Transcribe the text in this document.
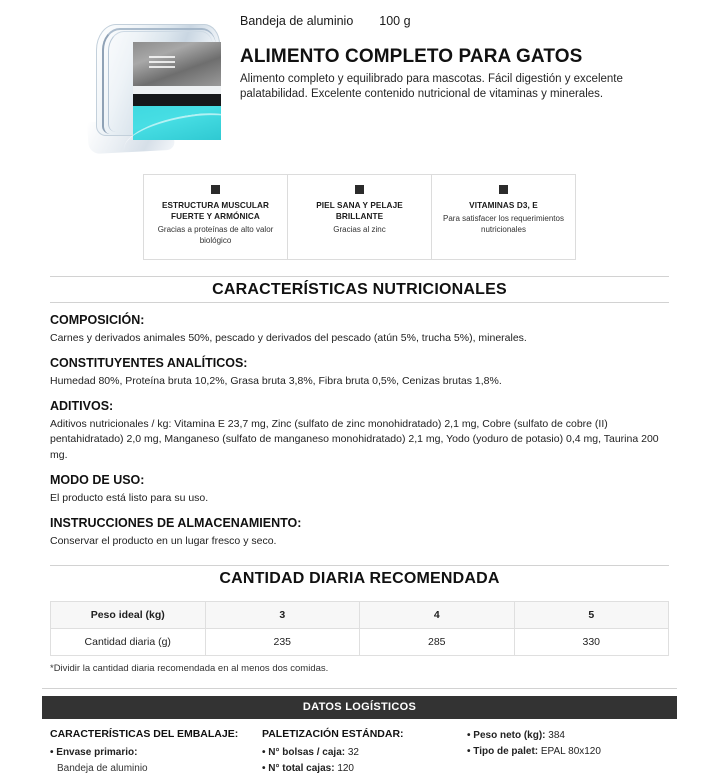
Bandeja de aluminio 100 g
ALIMENTO COMPLETO PARA GATOS
Alimento completo y equilibrado para mascotas. Fácil digestión y excelente palatabilidad. Excelente contenido nutricional de vitaminas y minerales.
ESTRUCTURA MUSCULAR FUERTE Y ARMÓNICA
Gracias a proteínas de alto valor biológico
PIEL SANA Y PELAJE BRILLANTE
Gracias al zinc
VITAMINAS D3, E
Para satisfacer los requerimientos nutricionales
CARACTERÍSTICAS NUTRICIONALES
COMPOSICIÓN:

Carnes y derivados animales 50%, pescado y derivados del pescado (atún 5%, trucha 5%), minerales.

CONSTITUYENTES ANALÍTICOS:

Humedad 80%, Proteína bruta 10,2%, Grasa bruta 3,8%, Fibra bruta 0,5%, Cenizas brutas 1,8%.

ADITIVOS:

Aditivos nutricionales / kg: Vitamina E 23,7 mg, Zinc (sulfato de zinc monohidratado) 2,1 mg, Cobre (sulfato de cobre (II) pentahidratado) 2,0 mg, Manganeso (sulfato de manganeso monohidratado) 2,1 mg, Yodo (yoduro de potasio) 0,4 mg, Taurina 200 mg.

MODO DE USO:

El producto está listo para su uso.

INSTRUCCIONES DE ALMACENAMIENTO:

Conservar el producto en un lugar fresco y seco.

CANTIDAD DIARIA RECOMENDADA
Peso ideal (kg)	3	4	5
Cantidad diaria (g)	235	285	330
*Dividir la cantidad diaria recomendada en al menos dos comidas.
DATOS LOGÍSTICOS
CARACTERÍSTICAS DEL EMBALAJE:
• Envase primario:
Bandeja de aluminio
PALETIZACIÓN ESTÁNDAR:
• N° bolsas / caja: 32
• N° total cajas: 120
• Peso neto (kg): 384
• Tipo de palet: EPAL 80x120
